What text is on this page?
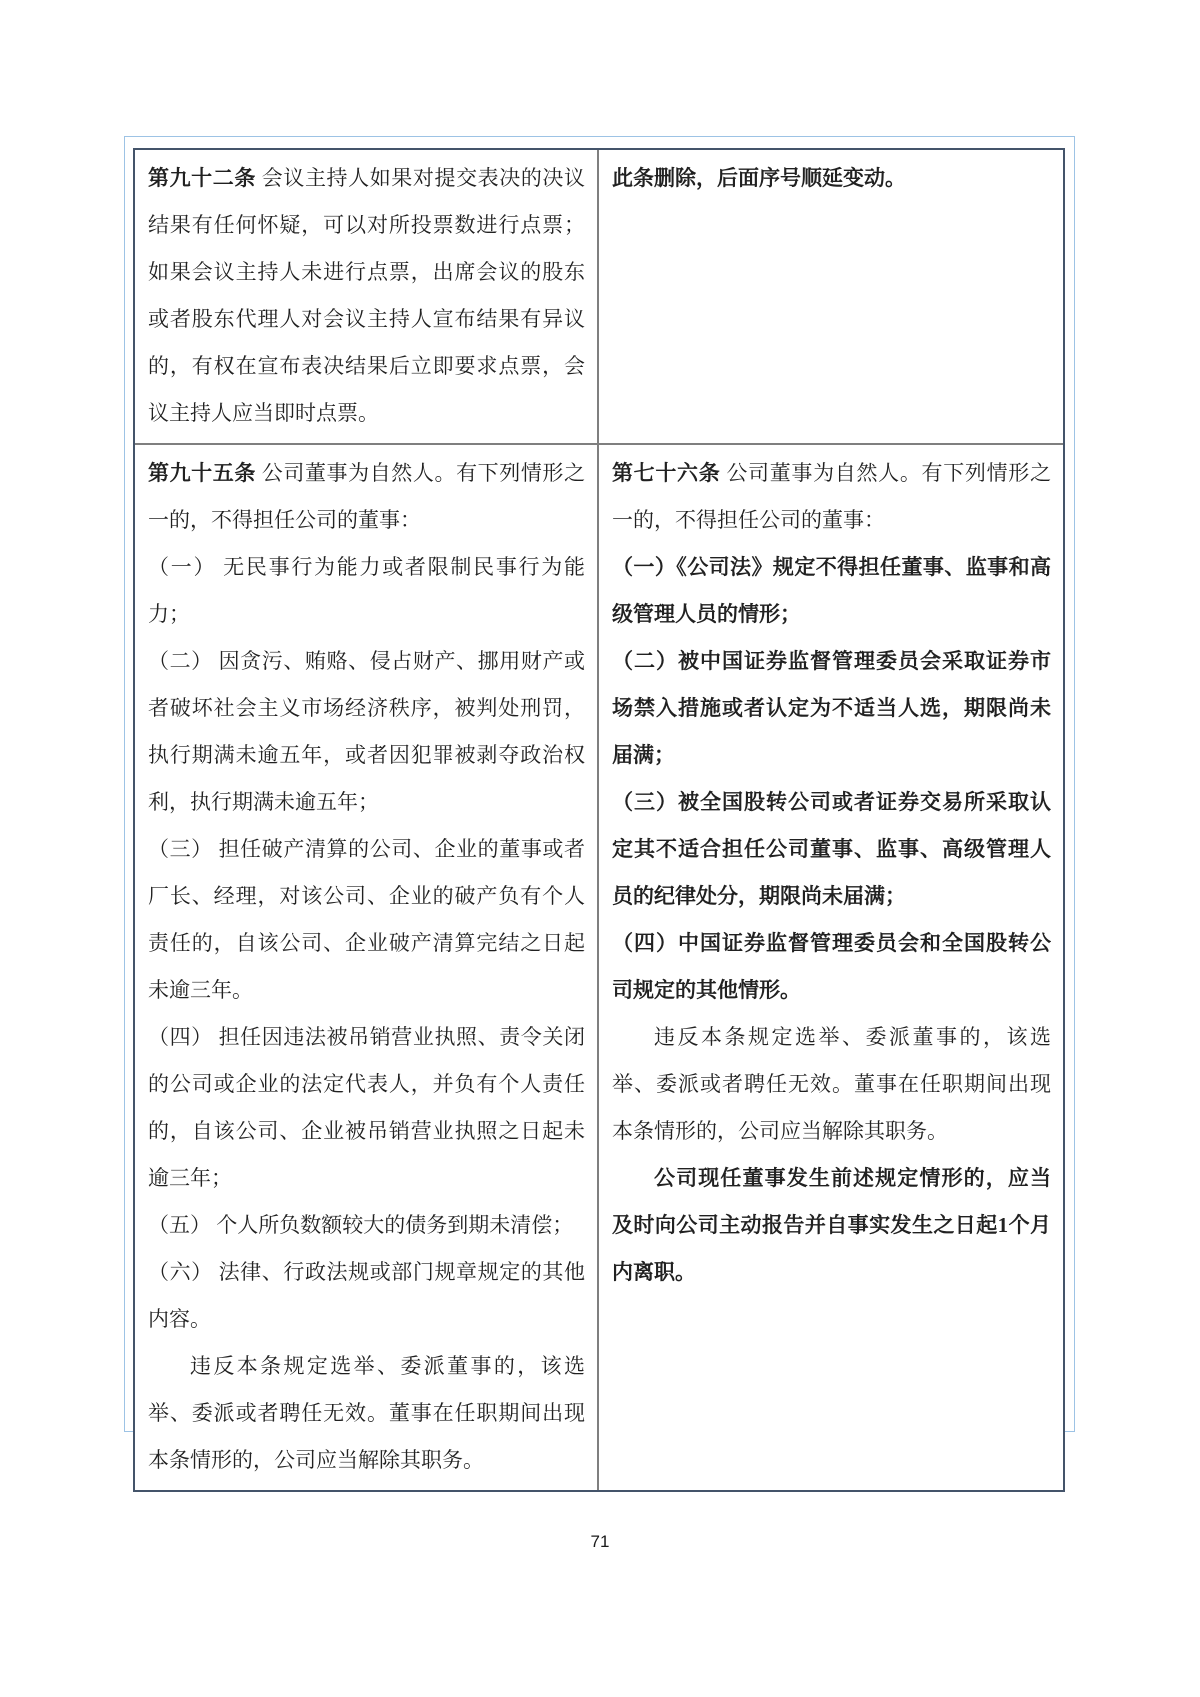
第九十二条 会议主持人如果对提交表决的决议结果有任何怀疑，可以对所投票数进行点票；如果会议主持人未进行点票，出席会议的股东或者股东代理人对会议主持人宣布结果有异议的，有权在宣布表决结果后立即要求点票，会议主持人应当即时点票。

此条删除，后面序号顺延变动。

第九十五条 公司董事为自然人。有下列情形之一的，不得担任公司的董事：

（一） 无民事行为能力或者限制民事行为能力；

（二） 因贪污、贿赂、侵占财产、挪用财产或者破坏社会主义市场经济秩序，被判处刑罚，执行期满未逾五年，或者因犯罪被剥夺政治权利，执行期满未逾五年；

（三） 担任破产清算的公司、企业的董事或者厂长、经理，对该公司、企业的破产负有个人责任的，自该公司、企业破产清算完结之日起未逾三年。

（四） 担任因违法被吊销营业执照、责令关闭的公司或企业的法定代表人，并负有个人责任的，自该公司、企业被吊销营业执照之日起未逾三年；

（五） 个人所负数额较大的债务到期未清偿；

（六） 法律、行政法规或部门规章规定的其他内容。

违反本条规定选举、委派董事的，该选举、委派或者聘任无效。董事在任职期间出现本条情形的，公司应当解除其职务。

第七十六条 公司董事为自然人。有下列情形之一的，不得担任公司的董事：

（一）《公司法》规定不得担任董事、监事和高级管理人员的情形；

（二）被中国证券监督管理委员会采取证券市场禁入措施或者认定为不适当人选，期限尚未届满；

（三）被全国股转公司或者证券交易所采取认定其不适合担任公司董事、监事、高级管理人员的纪律处分，期限尚未届满；

（四）中国证券监督管理委员会和全国股转公司规定的其他情形。

违反本条规定选举、委派董事的，该选举、委派或者聘任无效。董事在任职期间出现本条情形的，公司应当解除其职务。

公司现任董事发生前述规定情形的，应当及时向公司主动报告并自事实发生之日起1个月内离职。

71
